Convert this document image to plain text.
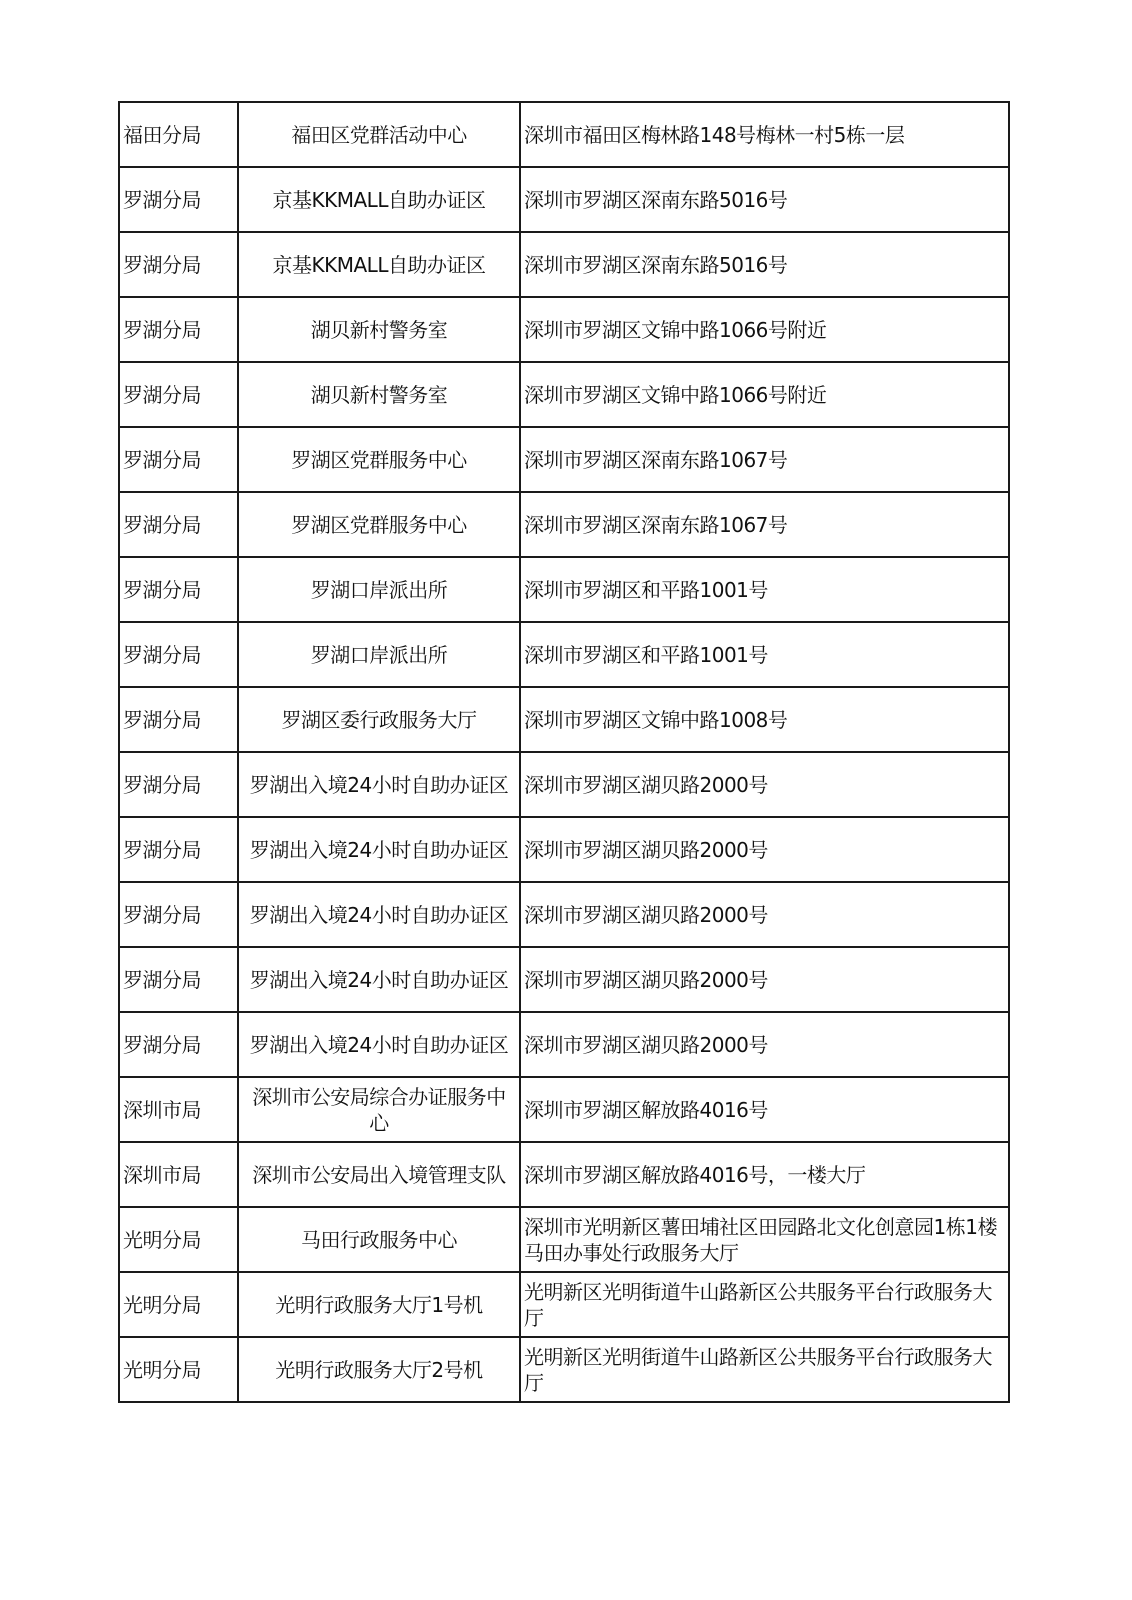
福田分局	福田区党群活动中心	深圳市福田区梅林路148号梅林一村5栋一层
罗湖分局	京基KKMALL自助办证区	深圳市罗湖区深南东路5016号
罗湖分局	京基KKMALL自助办证区	深圳市罗湖区深南东路5016号
罗湖分局	湖贝新村警务室	深圳市罗湖区文锦中路1066号附近
罗湖分局	湖贝新村警务室	深圳市罗湖区文锦中路1066号附近
罗湖分局	罗湖区党群服务中心	深圳市罗湖区深南东路1067号
罗湖分局	罗湖区党群服务中心	深圳市罗湖区深南东路1067号
罗湖分局	罗湖口岸派出所	深圳市罗湖区和平路1001号
罗湖分局	罗湖口岸派出所	深圳市罗湖区和平路1001号
罗湖分局	罗湖区委行政服务大厅	深圳市罗湖区文锦中路1008号
罗湖分局	罗湖出入境24小时自助办证区	深圳市罗湖区湖贝路2000号
罗湖分局	罗湖出入境24小时自助办证区	深圳市罗湖区湖贝路2000号
罗湖分局	罗湖出入境24小时自助办证区	深圳市罗湖区湖贝路2000号
罗湖分局	罗湖出入境24小时自助办证区	深圳市罗湖区湖贝路2000号
罗湖分局	罗湖出入境24小时自助办证区	深圳市罗湖区湖贝路2000号
深圳市局	深圳市公安局综合办证服务中心	深圳市罗湖区解放路4016号
深圳市局	深圳市公安局出入境管理支队	深圳市罗湖区解放路4016号，一楼大厅
光明分局	马田行政服务中心	深圳市光明新区薯田埔社区田园路北文化创意园1栋1楼马田办事处行政服务大厅
光明分局	光明行政服务大厅1号机	光明新区光明街道牛山路新区公共服务平台行政服务大厅
光明分局	光明行政服务大厅2号机	光明新区光明街道牛山路新区公共服务平台行政服务大厅
